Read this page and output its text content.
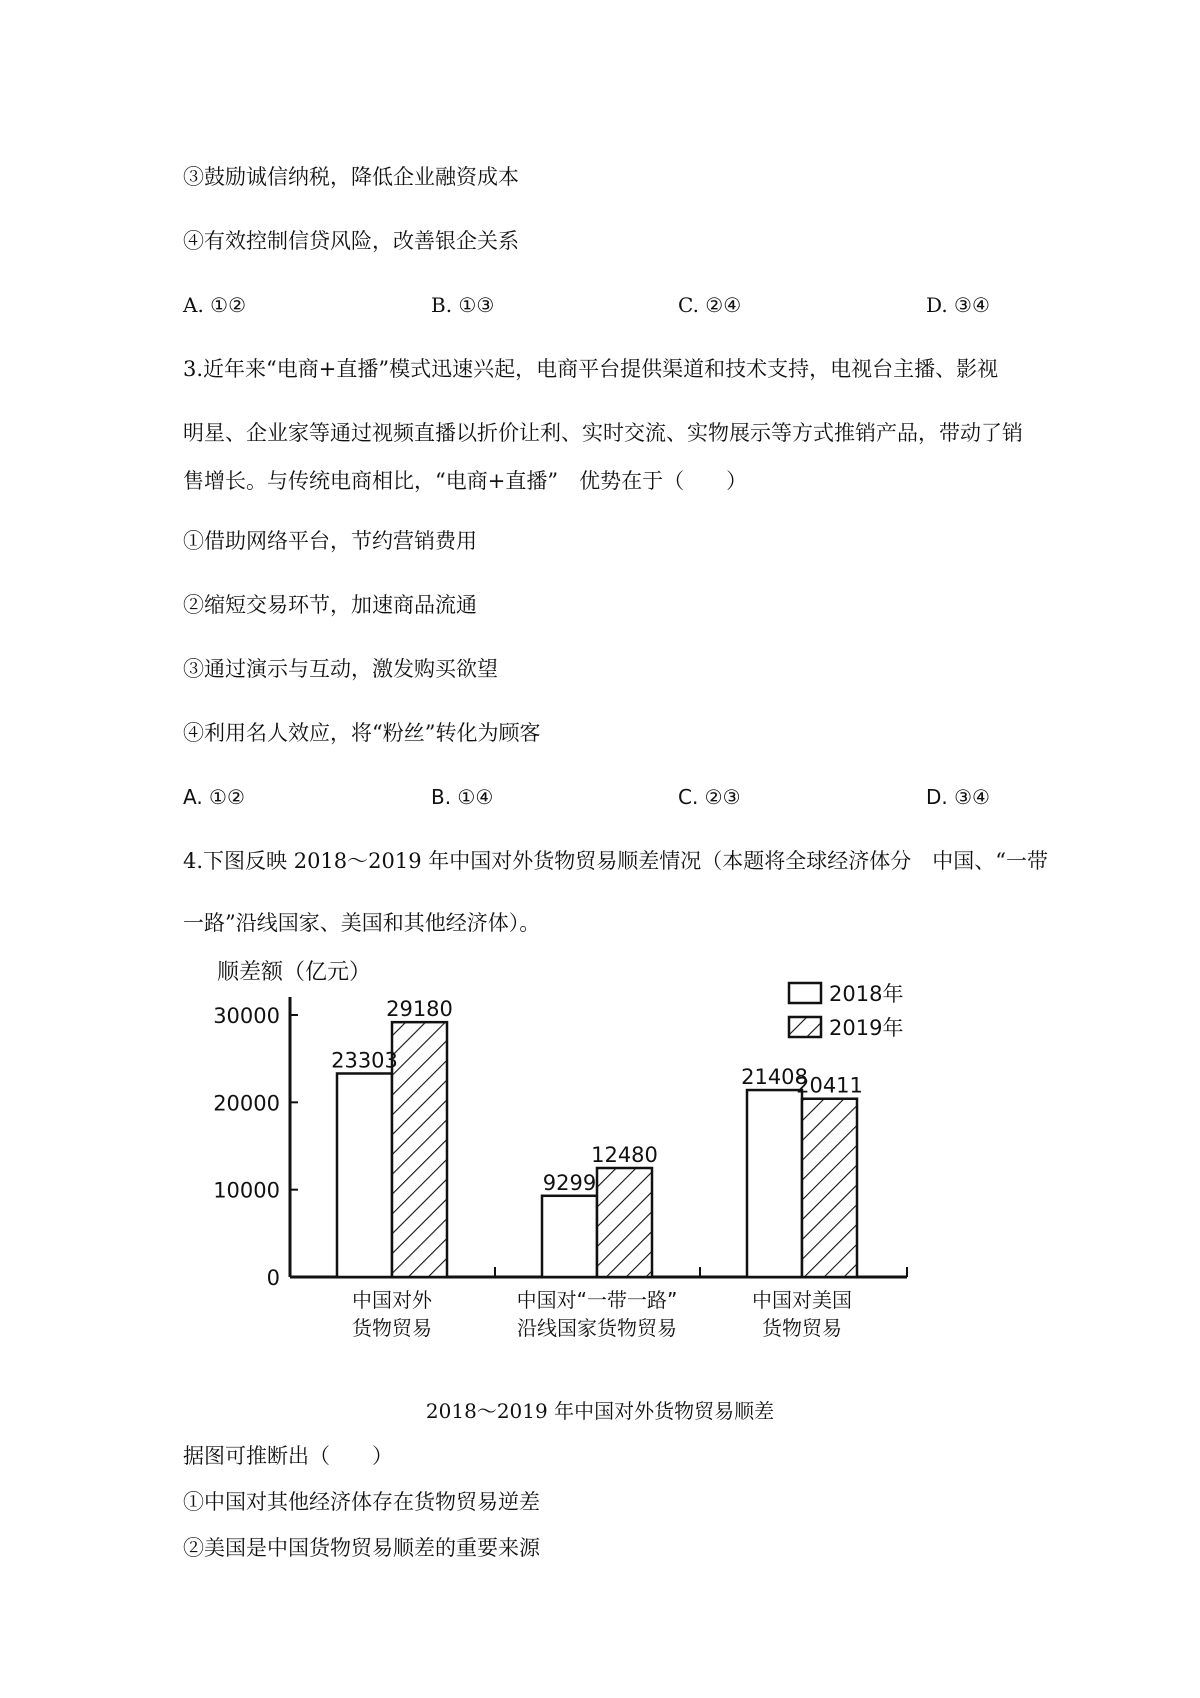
③鼓励诚信纳税，降低企业融资成本

④有效控制信贷风险，改善银企关系

A. ①②	B. ①③	C. ②④	D. ③④

3.近年来“电商+直播”模式迅速兴起，电商平台提供渠道和技术支持，电视台主播、影视

明星、企业家等通过视频直播以折价让利、实时交流、实物展示等方式推销产品，带动了销

售增长。与传统电商相比，“电商+直播”　优势在于（　　）

①借助网络平台，节约营销费用

②缩短交易环节，加速商品流通

③通过演示与互动，激发购买欲望

④利用名人效应，将“粉丝”转化为顾客

A. ①②	B. ①④	C. ②③	D. ③④

4.下图反映 2018～2019 年中国对外货物贸易顺差情况（本题将全球经济体分　中国、“一带

一路”沿线国家、美国和其他经济体）。

顺差额（亿元）
0
10000
20000
30000
23303
9299
21408
29180
12480
20411
中国对外
货物贸易
中国对“一带一路”
沿线国家货物贸易
中国对美国
货物贸易
2018年
2019年
2018～2019 年中国对外货物贸易顺差

据图可推断出（　　）

①中国对其他经济体存在货物贸易逆差

②美国是中国货物贸易顺差的重要来源
